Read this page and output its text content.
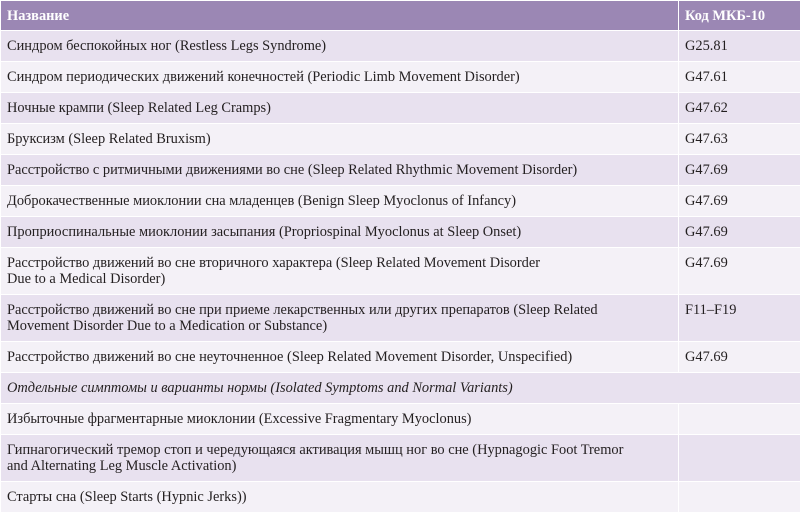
Название	Код МКБ-10
Синдром беспокойных ног (Restless Legs Syndrome)	G25.81
Синдром периодических движений конечностей (Periodic Limb Movement Disorder)	G47.61
Ночные крампи (Sleep Related Leg Cramps)	G47.62
Бруксизм (Sleep Related Bruxism)	G47.63
Расстройство с ритмичными движениями во сне (Sleep Related Rhythmic Movement Disorder)	G47.69
Доброкачественные миоклонии сна младенцев (Benign Sleep Myoclonus of Infancy)	G47.69
Проприоспинальные миоклонии засыпания (Propriospinal Myoclonus at Sleep Onset)	G47.69
Расстройство движений во сне вторичного характера (Sleep Related Movement Disorder
Due to a Medical Disorder)	G47.69
Расстройство движений во сне при приеме лекарственных или других препаратов (Sleep Related
Movement Disorder Due to a Medication or Substance)	F11–F19
Расстройство движений во сне неуточненное (Sleep Related Movement Disorder, Unspecified)	G47.69
Отдельные симптомы и варианты нормы (Isolated Symptoms and Normal Variants)	
Избыточные фрагментарные миоклонии (Excessive Fragmentary Myoclonus)	
Гипнагогический тремор стоп и чередующаяся активация мышц ног во сне (Hypnagogic Foot Tremor
and Alternating Leg Muscle Activation)	
Старты сна (Sleep Starts (Hypnic Jerks))	
